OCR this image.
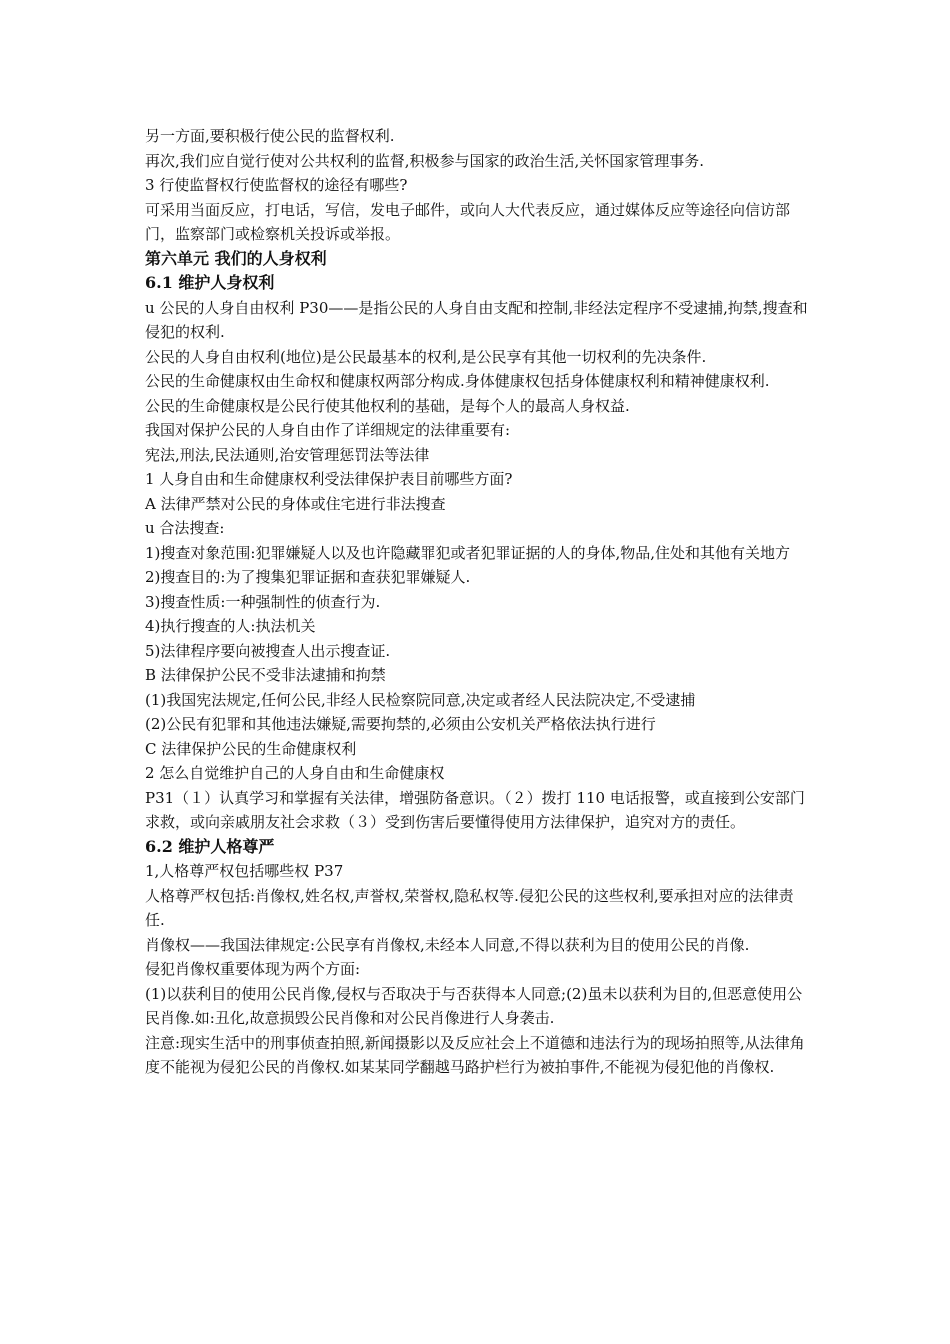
另一方面,要积极行使公民的监督权利.
再次,我们应自觉行使对公共权利的监督,积极参与国家的政治生活,关怀国家管理事务.
3 行使监督权行使监督权的途径有哪些?
可采用当面反应，打电话，写信，发电子邮件，或向人大代表反应，通过媒体反应等途径向信访部门，监察部门或检察机关投诉或举报。
第六单元 我们的人身权利
6.1 维护人身权利
u 公民的人身自由权利 P30——是指公民的人身自由支配和控制,非经法定程序不受逮捕,拘禁,搜查和侵犯的权利.
公民的人身自由权利(地位)是公民最基本的权利,是公民享有其他一切权利的先决条件.
公民的生命健康权由生命权和健康权两部分构成.身体健康权包括身体健康权利和精神健康权利.
公民的生命健康权是公民行使其他权利的基础，是每个人的最高人身权益.
我国对保护公民的人身自由作了详细规定的法律重要有:
宪法,刑法,民法通则,治安管理惩罚法等法律
1 人身自由和生命健康权利受法律保护表目前哪些方面?
A 法律严禁对公民的身体或住宅进行非法搜查
u 合法搜查:
1)搜查对象范围:犯罪嫌疑人以及也许隐藏罪犯或者犯罪证据的人的身体,物品,住处和其他有关地方
2)搜查目的:为了搜集犯罪证据和查获犯罪嫌疑人.
3)搜查性质:一种强制性的侦查行为.
4)执行搜查的人:执法机关
5)法律程序要向被搜查人出示搜查证.
B 法律保护公民不受非法逮捕和拘禁
(1)我国宪法规定,任何公民,非经人民检察院同意,决定或者经人民法院决定,不受逮捕
(2)公民有犯罪和其他违法嫌疑,需要拘禁的,必须由公安机关严格依法执行进行
C 法律保护公民的生命健康权利
2 怎么自觉维护自己的人身自由和生命健康权
P31（１）认真学习和掌握有关法律，增强防备意识。（２）拨打 110 电话报警，或直接到公安部门求救，或向亲戚朋友社会求救（３）受到伤害后要懂得使用方法律保护，追究对方的责任。
6.2 维护人格尊严
1,人格尊严权包括哪些权 P37
人格尊严权包括:肖像权,姓名权,声誉权,荣誉权,隐私权等.侵犯公民的这些权利,要承担对应的法律责任.
肖像权——我国法律规定:公民享有肖像权,未经本人同意,不得以获利为目的使用公民的肖像.
侵犯肖像权重要体现为两个方面:
(1)以获利目的使用公民肖像,侵权与否取决于与否获得本人同意;(2)虽未以获利为目的,但恶意使用公民肖像.如:丑化,故意损毁公民肖像和对公民肖像进行人身袭击.
注意:现实生活中的刑事侦查拍照,新闻摄影以及反应社会上不道德和违法行为的现场拍照等,从法律角度不能视为侵犯公民的肖像权.如某某同学翻越马路护栏行为被拍事件,不能视为侵犯他的肖像权.
